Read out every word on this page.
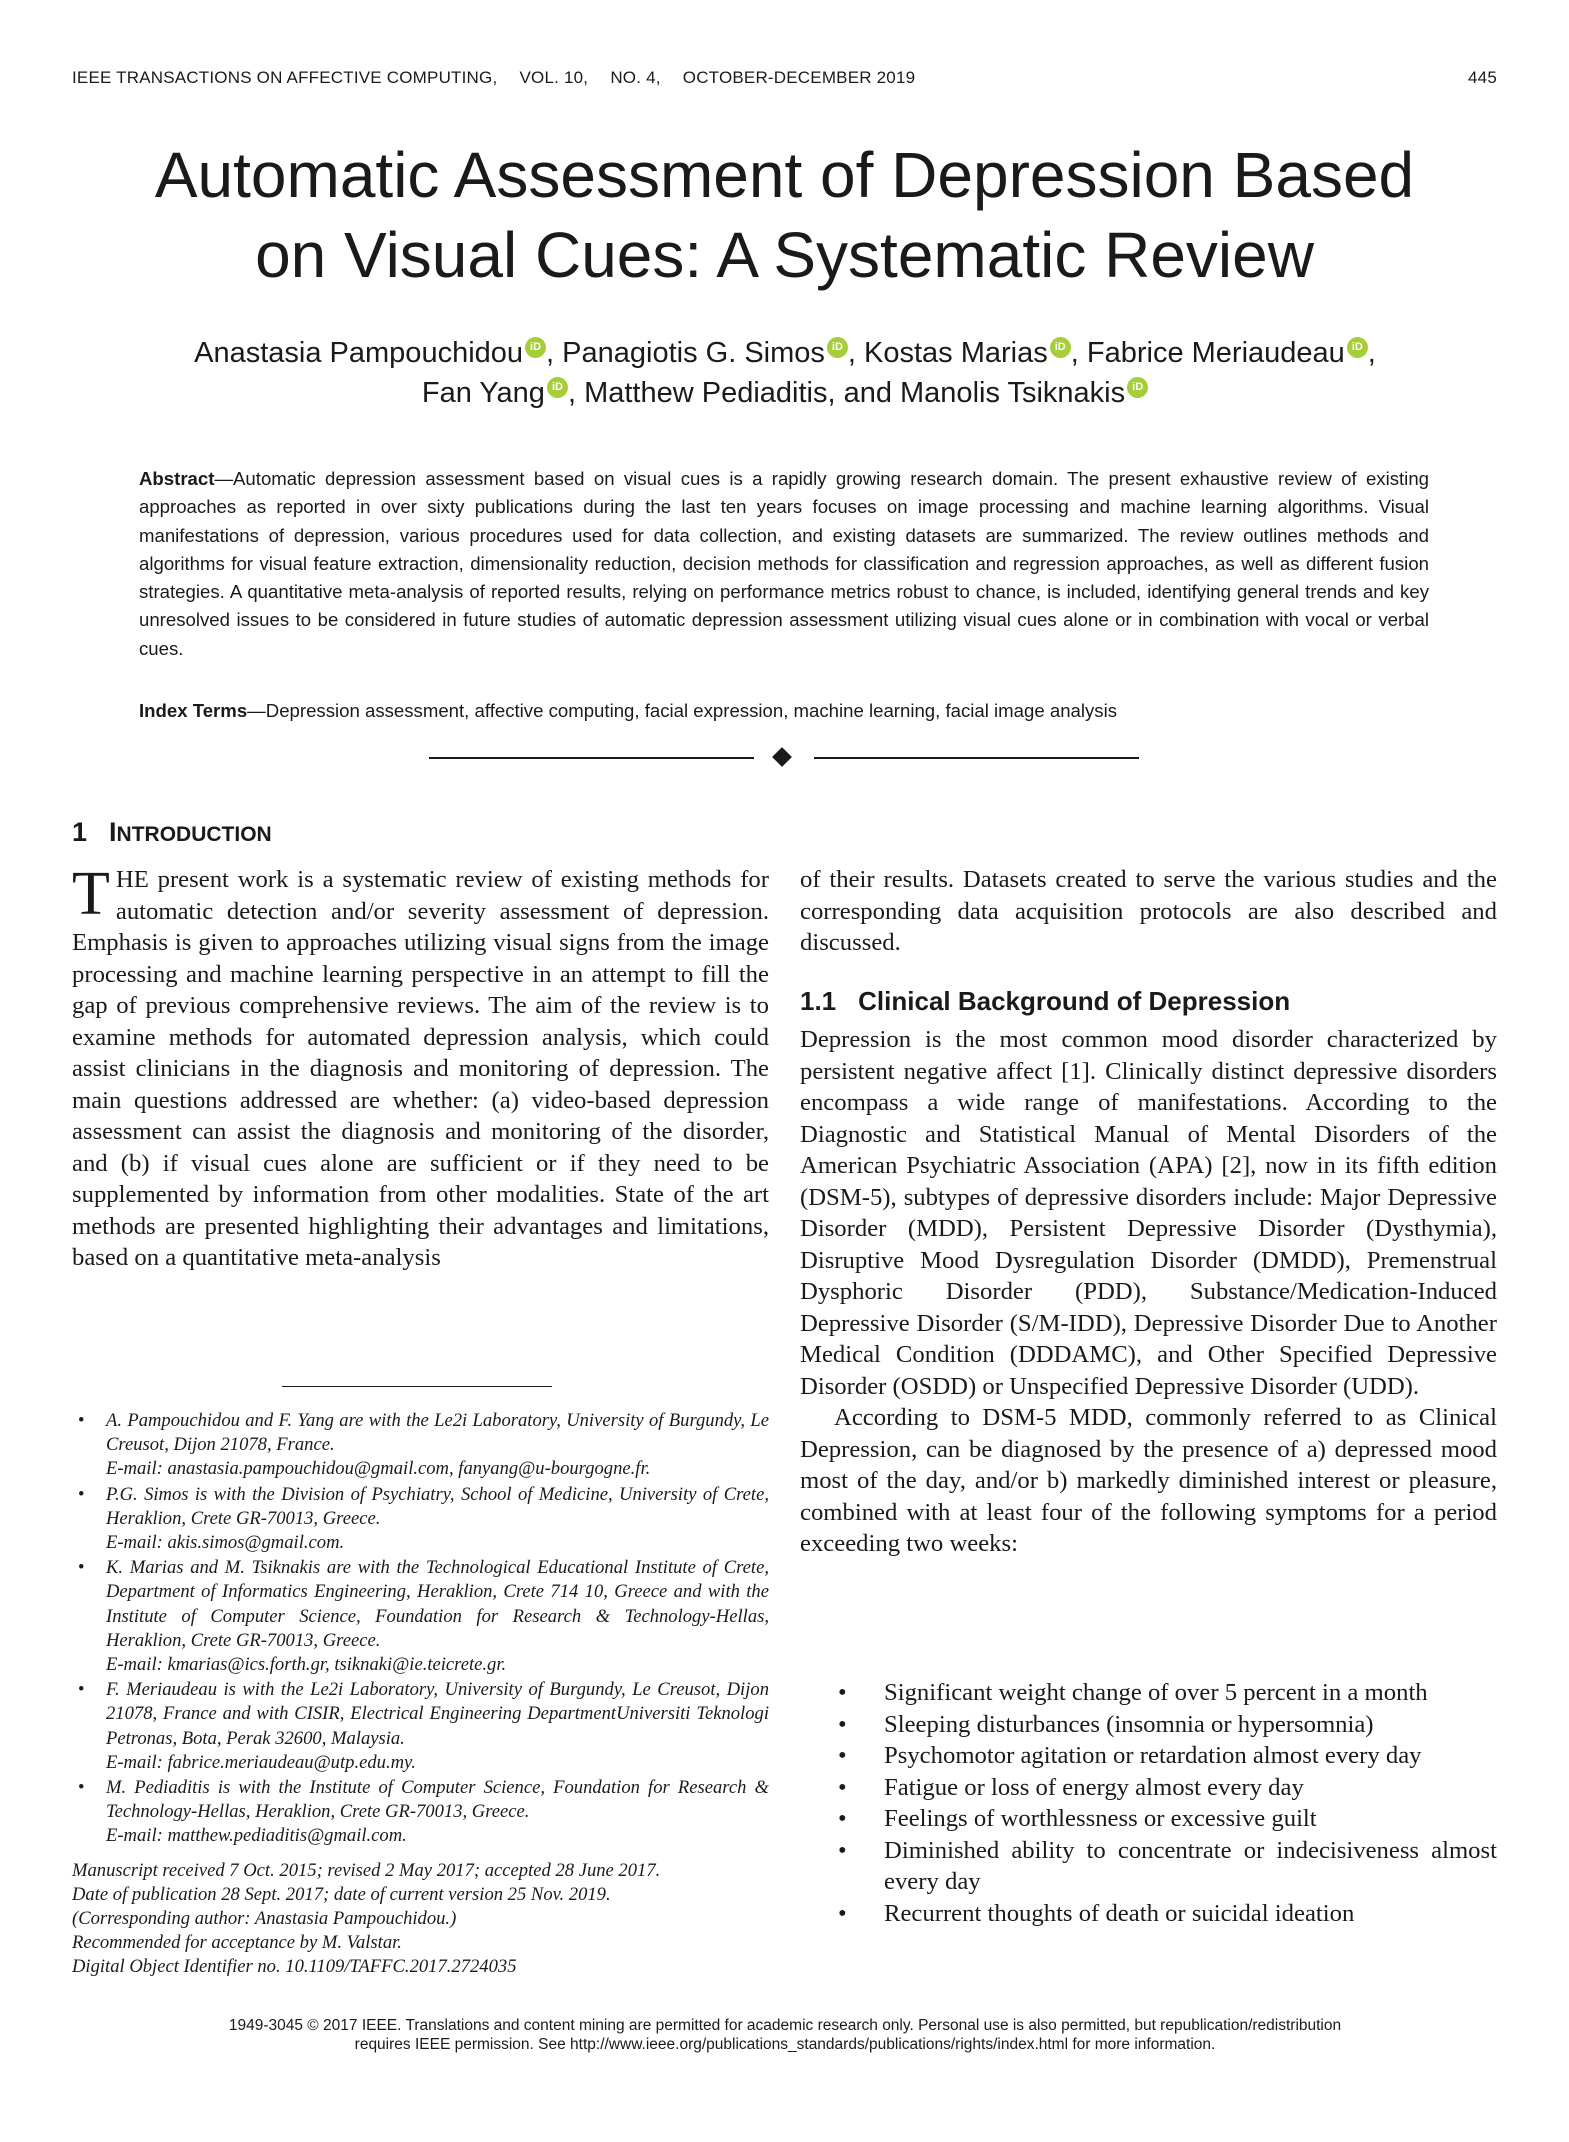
IEEE TRANSACTIONS ON AFFECTIVE COMPUTING,  VOL. 10,  NO. 4,  OCTOBER-DECEMBER 2019	445
Automatic Assessment of Depression Based
on Visual Cues: A Systematic Review
Anastasia Pampouchidou iD , Panagiotis G. Simos iD , Kostas Marias iD , Fabrice Meriaudeau iD ,
Fan Yang iD , Matthew Pediaditis, and Manolis Tsiknakis iD
Abstract—Automatic depression assessment based on visual cues is a rapidly growing research domain. The present exhaustive review of existing approaches as reported in over sixty publications during the last ten years focuses on image processing and machine learning algorithms. Visual manifestations of depression, various procedures used for data collection, and existing datasets are summarized. The review outlines methods and algorithms for visual feature extraction, dimensionality reduction, decision methods for classification and regression approaches, as well as different fusion strategies. A quantitative meta-analysis of reported results, relying on performance metrics robust to chance, is included, identifying general trends and key unresolved issues to be considered in future studies of automatic depression assessment utilizing visual cues alone or in combination with vocal or verbal cues.
Index Terms—Depression assessment, affective computing, facial expression, machine learning, facial image analysis
1 INTRODUCTION
THE present work is a systematic review of existing methods for automatic detection and/or severity assessment of depression. Emphasis is given to approaches utilizing visual signs from the image processing and machine learning perspective in an attempt to fill the gap of previous comprehensive reviews. The aim of the review is to examine methods for automated depression analysis, which could assist clinicians in the diagnosis and monitoring of depression. The main questions addressed are whether: (a) video-based depression assessment can assist the diagnosis and monitoring of the disorder, and (b) if visual cues alone are sufficient or if they need to be supplemented by information from other modalities. State of the art methods are presented highlighting their advantages and limitations, based on a quantitative meta-analysis
• A. Pampouchidou and F. Yang are with the Le2i Laboratory, University of Burgundy, Le Creusot, Dijon 21078, France.
E-mail: anastasia.pampouchidou@gmail.com, fanyang@u-bourgogne.fr.
• P.G. Simos is with the Division of Psychiatry, School of Medicine, University of Crete, Heraklion, Crete GR-70013, Greece.
E-mail: akis.simos@gmail.com.
• K. Marias and M. Tsiknakis are with the Technological Educational Institute of Crete, Department of Informatics Engineering, Heraklion, Crete 714 10, Greece and with the Institute of Computer Science, Foundation for Research & Technology-Hellas, Heraklion, Crete GR-70013, Greece.
E-mail: kmarias@ics.forth.gr, tsiknaki@ie.teicrete.gr.
• F. Meriaudeau is with the Le2i Laboratory, University of Burgundy, Le Creusot, Dijon 21078, France and with CISIR, Electrical Engineering DepartmentUniversiti Teknologi Petronas, Bota, Perak 32600, Malaysia.
E-mail: fabrice.meriaudeau@utp.edu.my.
• M. Pediaditis is with the Institute of Computer Science, Foundation for Research & Technology-Hellas, Heraklion, Crete GR-70013, Greece.
E-mail: matthew.pediaditis@gmail.com.
Manuscript received 7 Oct. 2015; revised 2 May 2017; accepted 28 June 2017.
Date of publication 28 Sept. 2017; date of current version 25 Nov. 2019.
(Corresponding author: Anastasia Pampouchidou.)
Recommended for acceptance by M. Valstar.
Digital Object Identifier no. 10.1109/TAFFC.2017.2724035
of their results. Datasets created to serve the various studies and the corresponding data acquisition protocols are also described and discussed.
1.1 Clinical Background of Depression
Depression is the most common mood disorder characterized by persistent negative affect [1]. Clinically distinct depressive disorders encompass a wide range of manifestations. According to the Diagnostic and Statistical Manual of Mental Disorders of the American Psychiatric Association (APA) [2], now in its fifth edition (DSM-5), subtypes of depressive disorders include: Major Depressive Disorder (MDD), Persistent Depressive Disorder (Dysthymia), Disruptive Mood Dysregulation Disorder (DMDD), Premenstrual Dysphoric Disorder (PDD), Substance/Medication-Induced Depressive Disorder (S/M-IDD), Depressive Disorder Due to Another Medical Condition (DDDAMC), and Other Specified Depressive Disorder (OSDD) or Unspecified Depressive Disorder (UDD).
According to DSM-5 MDD, commonly referred to as Clinical Depression, can be diagnosed by the presence of a) depressed mood most of the day, and/or b) markedly diminished interest or pleasure, combined with at least four of the following symptoms for a period exceeding two weeks:
• Significant weight change of over 5 percent in a month
• Sleeping disturbances (insomnia or hypersomnia)
• Psychomotor agitation or retardation almost every day
• Fatigue or loss of energy almost every day
• Feelings of worthlessness or excessive guilt
• Diminished ability to concentrate or indecisiveness almost every day
• Recurrent thoughts of death or suicidal ideation
1949-3045 © 2017 IEEE. Translations and content mining are permitted for academic research only. Personal use is also permitted, but republication/redistribution
requires IEEE permission. See http://www.ieee.org/publications_standards/publications/rights/index.html for more information.
